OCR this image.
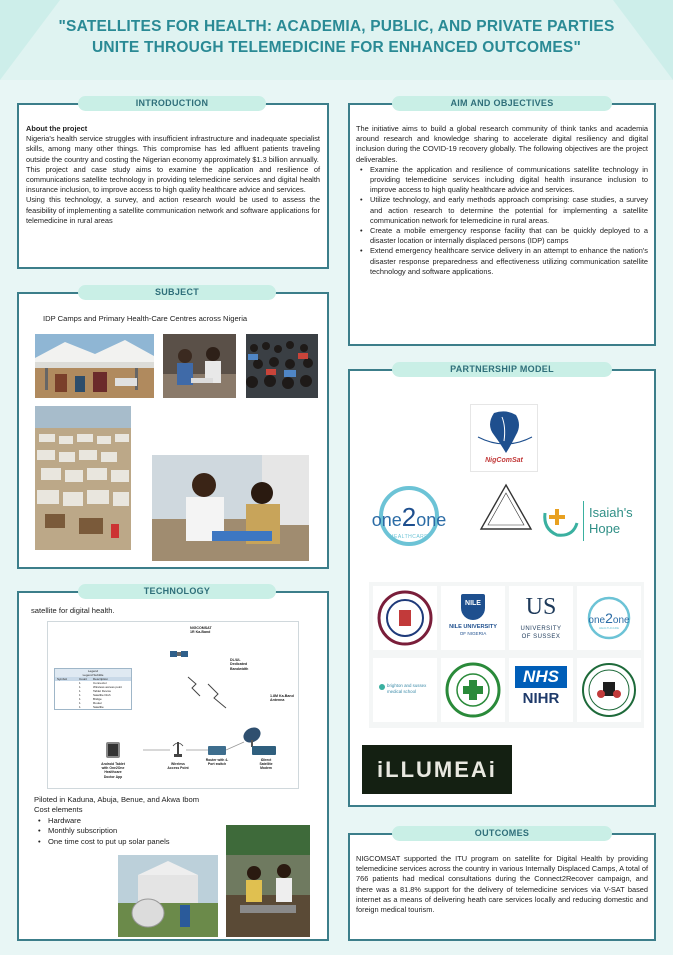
"SATELLITES FOR HEALTH: ACADEMIA, PUBLIC, AND PRIVATE PARTIES UNITE THROUGH TELEMEDICINE FOR ENHANCED OUTCOMES"
INTRODUCTION

About the project

Nigeria's health service struggles with insufficient infrastructure and inadequate specialist skills, among many other things. This compromise has led affluent patients traveling outside the country and costing the Nigerian economy approximately $1.3 billion annually.

This project and case study aims to examine the application and resilience of communications satellite technology in providing telemedicine services and digital health insurance inclusion, to improve access to high quality healthcare advice and services.

Using this technology, a survey, and action research would be used to assess the feasibility of implementing a satellite communication network and software applications for telemedicine in rural areas

AIM AND OBJECTIVES

The initiative aims to build a global research community of think tanks and academia around research and knowledge sharing to accelerate digital resiliency and digital inclusion during the COVID-19 recovery globally. The following objectives are the project deliverables.

• Examine the application and resilience of communications satellite technology in providing telemedicine services including digital health insurance inclusion to improve access to high quality healthcare advice and services.
• Utilize technology, and early methods approach comprising: case studies, a survey and action research to determine the potential for implementing a satellite communication network for telemedicine in rural areas.
• Create a mobile emergency response facility that can be quickly deployed to a disaster location or internally displaced persons (IDP) camps
• Extend emergency healthcare service delivery in an attempt to enhance the nation's disaster response preparedness and effectiveness utilizing communication satellite technology and software applications.
SUBJECT
IDP Camps and Primary Health-Care Centres across Nigeria
TECHNOLOGY
satellite for digital health.
NIGCOMSAT
1R Ka-Band
DL/UL
Dedicated
Bandwidth
1.8M Ka-Band
Antenna
Legend
Legend Subtitle
Symbol	Count	Description
1	Connector
1	Wireless access point
1	Tablet Device
1	Satellite Dish
1	Bridge
1	Router
1	Satellite
Android Tablet
with One2One
Healthcare
Doctor App
Wireless
Access Point
Router with 4-
Port switch
iDirect
Satellite
Modem

Piloted in Kaduna, Abuja, Benue, and Akwa Ibom

Cost elements

• Hardware
• Monthly subscription
• One time cost to put up solar panels
PARTNERSHIP MODEL
NigComSat
one2one
HEALTHCARE
Isaiah's
Hope
NILE
NILE UNIVERSITY
OF NIGERIA
US
UNIVERSITY
OF SUSSEX
one2one
HEALTHCARE
brighton and sussex
medical school
NHS
NIHR
iLLUMEAi
OUTCOMES
NIGCOMSAT supported the ITU program on satellite for Digital Health by providing telemedicine services across the country in various Internally Displaced Camps, A total of 766 patients had medical consultations during the Connect2Recover campaign, and there was a 81.8% support for the delivery of telemedicine services via V-SAT based internet as a means of delivering heath care services locally and reducing domestic and foreign medical tourism.
